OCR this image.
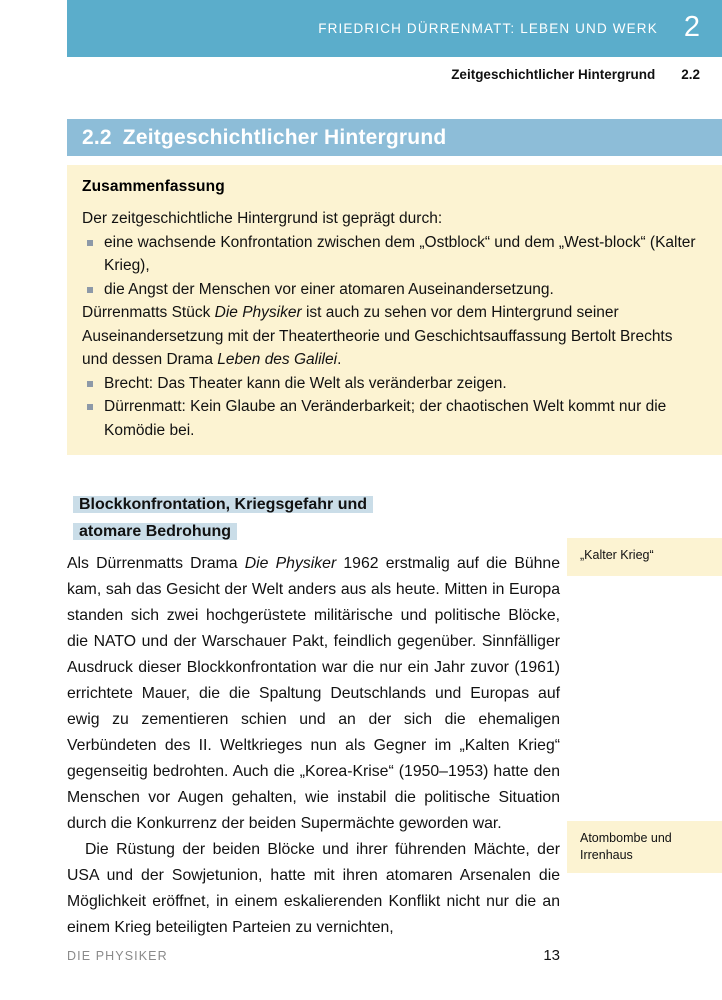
FRIEDRICH DÜRRENMATT: LEBEN UND WERK 2
Zeitgeschichtlicher Hintergrund 2.2
2.2 Zeitgeschichtlicher Hintergrund
Zusammenfassung

Der zeitgeschichtliche Hintergrund ist geprägt durch:

eine wachsende Konfrontation zwischen dem „Ostblock“ und dem „West-block“ (Kalter Krieg),
die Angst der Menschen vor einer atomaren Auseinandersetzung.

Dürrenmatts Stück Die Physiker ist auch zu sehen vor dem Hintergrund seiner Auseinandersetzung mit der Theatertheorie und Geschichtsauffassung Bertolt Brechts und dessen Drama Leben des Galilei.

Brecht: Das Theater kann die Welt als veränderbar zeigen.
Dürrenmatt: Kein Glaube an Veränderbarkeit; der chaotischen Welt kommt nur die Komödie bei.
Blockkonfrontation, Kriegsgefahr und
atomare Bedrohung

Als Dürrenmatts Drama Die Physiker 1962 erstmalig auf die Bühne kam, sah das Gesicht der Welt anders aus als heute. Mitten in Europa standen sich zwei hochgerüstete militärische und politische Blöcke, die NATO und der Warschauer Pakt, feindlich gegenüber. Sinnfälliger Ausdruck dieser Blockkonfrontation war die nur ein Jahr zuvor (1961) errichtete Mauer, die die Spaltung Deutschlands und Europas auf ewig zu zementieren schien und an der sich die ehemaligen Verbündeten des II. Weltkrieges nun als Gegner im „Kalten Krieg“ gegenseitig bedrohten. Auch die „Korea-Krise“ (1950–1953) hatte den Menschen vor Augen gehalten, wie instabil die politische Situation durch die Konkurrenz der beiden Supermächte geworden war.

Die Rüstung der beiden Blöcke und ihrer führenden Mächte, der USA und der Sowjetunion, hatte mit ihren atomaren Arsenalen die Möglichkeit eröffnet, in einem eskalierenden Konflikt nicht nur die an einem Krieg beteiligten Parteien zu vernichten,

„Kalter Krieg“
Atombombe und Irrenhaus
DIE PHYSIKER	13
